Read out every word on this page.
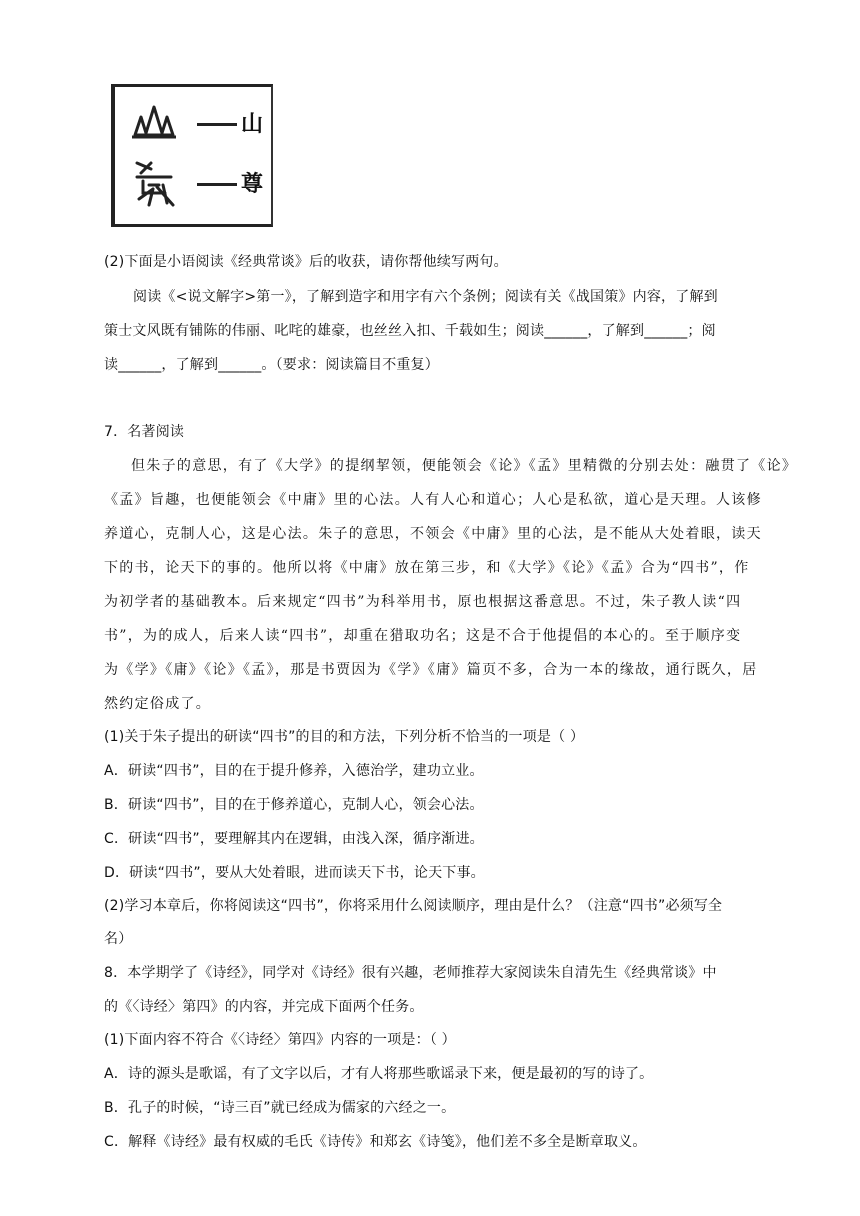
山
尊
(2)下面是小语阅读《经典常谈》后的收获，请你帮他续写两句。
阅读《<说文解字>第一》，了解到造字和用字有六个条例；阅读有关《战国策》内容，了解到
策士文风既有铺陈的伟丽、叱咤的雄豪，也丝丝入扣、千载如生；阅读______，了解到______；阅
读______，了解到______。（要求：阅读篇目不重复）
7．名著阅读
但朱子的意思，有了《大学》的提纲挈领，便能领会《论》《孟》里精微的分别去处：融贯了《论》
《孟》旨趣，也便能领会《中庸》里的心法。人有人心和道心；人心是私欲，道心是天理。人该修
养道心，克制人心，这是心法。朱子的意思，不领会《中庸》里的心法，是不能从大处着眼，读天
下的书，论天下的事的。他所以将《中庸》放在第三步，和《大学》《论》《孟》合为“四书”，作
为初学者的基础教本。后来规定“四书”为科举用书，原也根据这番意思。不过，朱子教人读“四
书”，为的成人，后来人读“四书”，却重在猎取功名；这是不合于他提倡的本心的。至于顺序变
为《学》《庸》《论》《孟》，那是书贾因为《学》《庸》篇页不多，合为一本的缘故，通行既久，居
然约定俗成了。
(1)关于朱子提出的研读“四书”的目的和方法，下列分析不恰当的一项是（ ）
A．研读“四书”，目的在于提升修养，入德治学，建功立业。
B．研读“四书”，目的在于修养道心，克制人心，领会心法。
C．研读“四书”，要理解其内在逻辑，由浅入深，循序渐进。
D．研读“四书”，要从大处着眼，进而读天下书，论天下事。
(2)学习本章后，你将阅读这“四书”，你将采用什么阅读顺序，理由是什么？（注意“四书”必须写全
名）
8．本学期学了《诗经》，同学对《诗经》很有兴趣，老师推荐大家阅读朱自清先生《经典常谈》中
的《〈诗经〉第四》的内容，并完成下面两个任务。
(1)下面内容不符合《〈诗经〉第四》内容的一项是：（ ）
A．诗的源头是歌谣，有了文字以后，才有人将那些歌谣录下来，便是最初的写的诗了。
B．孔子的时候，“诗三百”就已经成为儒家的六经之一。
C．解释《诗经》最有权威的毛氏《诗传》和郑玄《诗笺》，他们差不多全是断章取义。
